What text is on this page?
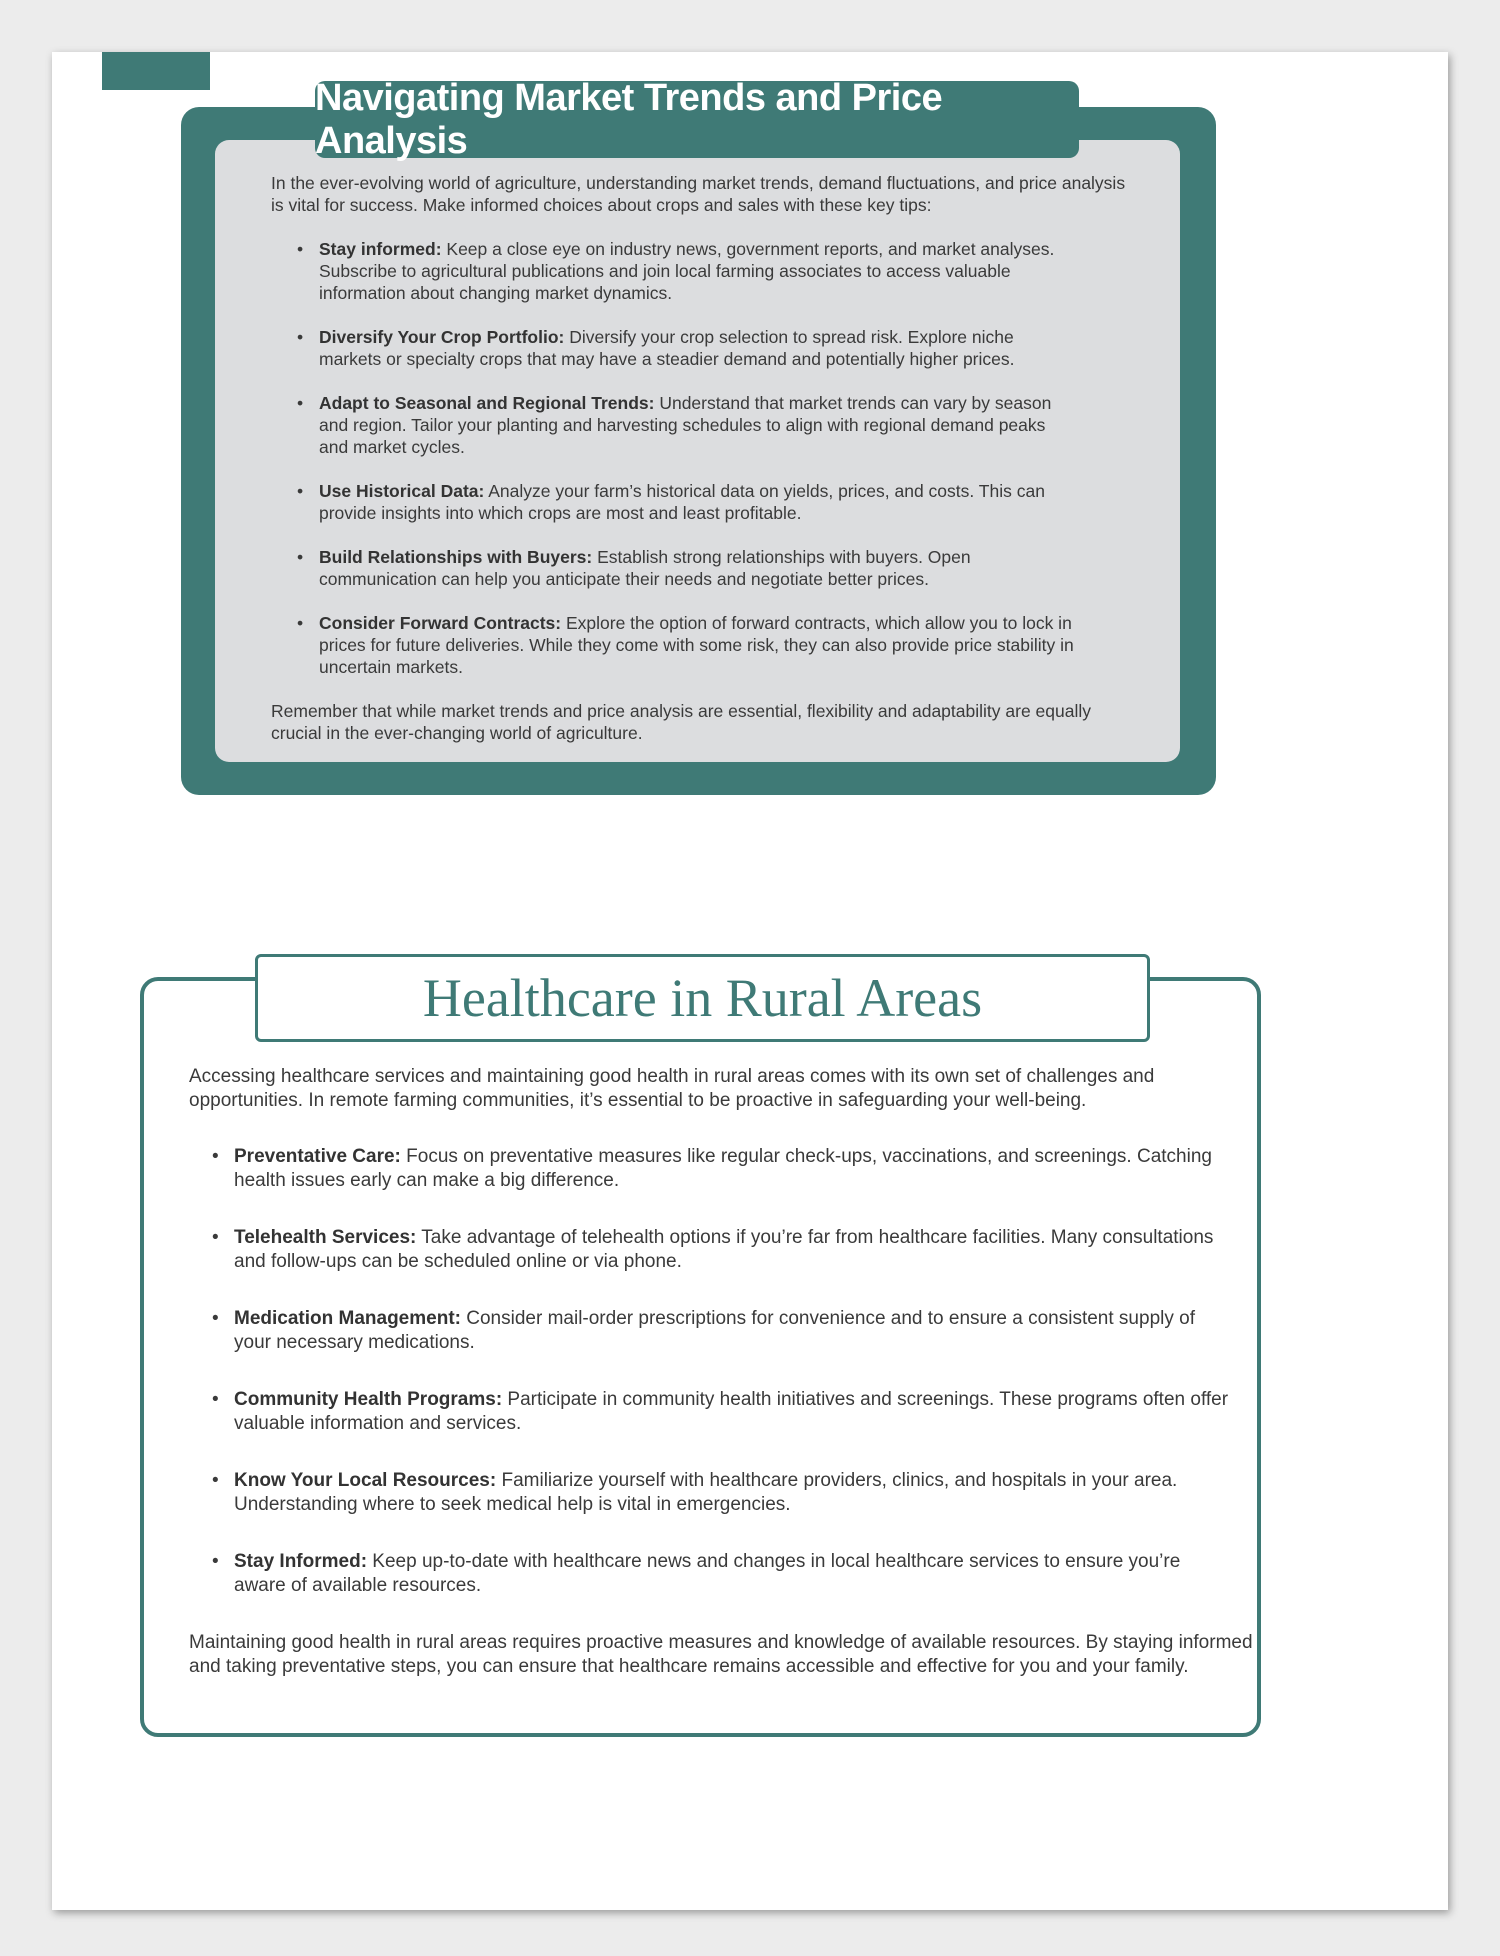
In the ever-evolving world of agriculture, understanding market trends, demand fluctuations, and price analysis is vital for success. Make informed choices about crops and sales with these key tips:

• Stay informed: Keep a close eye on industry news, government reports, and market analyses. Subscribe to agricultural publications and join local farming associates to access valuable information about changing market dynamics.
• Diversify Your Crop Portfolio: Diversify your crop selection to spread risk. Explore niche markets or specialty crops that may have a steadier demand and potentially higher prices.
• Adapt to Seasonal and Regional Trends: Understand that market trends can vary by season and region. Tailor your planting and harvesting schedules to align with regional demand peaks and market cycles.
• Use Historical Data: Analyze your farm’s historical data on yields, prices, and costs. This can provide insights into which crops are most and least profitable.
• Build Relationships with Buyers: Establish strong relationships with buyers. Open communication can help you anticipate their needs and negotiate better prices.
• Consider Forward Contracts: Explore the option of forward contracts, which allow you to lock in prices for future deliveries. While they come with some risk, they can also provide price stability in uncertain markets.

Remember that while market trends and price analysis are essential, flexibility and adaptability are equally crucial in the ever-changing world of agriculture.

Navigating Market Trends and Price Analysis
Healthcare in Rural Areas

Accessing healthcare services and maintaining good health in rural areas comes with its own set of challenges and opportunities. In remote farming communities, it’s essential to be proactive in safeguarding your well-being.

• Preventative Care: Focus on preventative measures like regular check-ups, vaccinations, and screenings. Catching health issues early can make a big difference.
• Telehealth Services: Take advantage of telehealth options if you’re far from healthcare facilities. Many consultations and follow-ups can be scheduled online or via phone.
• Medication Management: Consider mail-order prescriptions for convenience and to ensure a consistent supply of your necessary medications.
• Community Health Programs: Participate in community health initiatives and screenings. These programs often offer valuable information and services.
• Know Your Local Resources: Familiarize yourself with healthcare providers, clinics, and hospitals in your area. Understanding where to seek medical help is vital in emergencies.
• Stay Informed: Keep up-to-date with healthcare news and changes in local healthcare services to ensure you’re aware of available resources.

Maintaining good health in rural areas requires proactive measures and knowledge of available resources. By staying informed and taking preventative steps, you can ensure that healthcare remains accessible and effective for you and your family.
